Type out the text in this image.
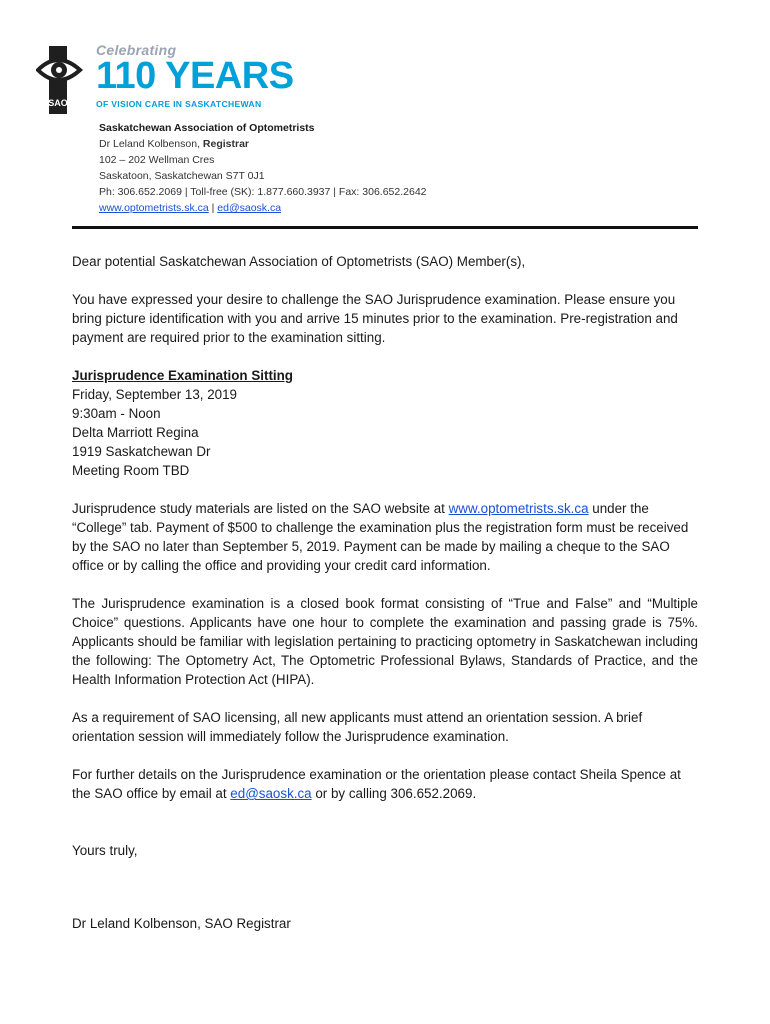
SAO
Celebrating
110 YEARS
OF VISION CARE IN SASKATCHEWAN
Saskatchewan Association of Optometrists
Dr Leland Kolbenson, Registrar
102 – 202 Wellman Cres
Saskatoon, Saskatchewan S7T 0J1
Ph: 306.652.2069 | Toll-free (SK): 1.877.660.3937 | Fax: 306.652.2642
www.optometrists.sk.ca | ed@saosk.ca

Dear potential Saskatchewan Association of Optometrists (SAO) Member(s),

You have expressed your desire to challenge the SAO Jurisprudence examination. Please ensure you bring picture identification with you and arrive 15 minutes prior to the examination. Pre-registration and payment are required prior to the examination sitting.

Jurisprudence Examination Sitting
Friday, September 13, 2019
9:30am - Noon
Delta Marriott Regina
1919 Saskatchewan Dr
Meeting Room TBD

Jurisprudence study materials are listed on the SAO website at www.optometrists.sk.ca under the “College” tab. Payment of $500 to challenge the examination plus the registration form must be received by the SAO no later than September 5, 2019. Payment can be made by mailing a cheque to the SAO office or by calling the office and providing your credit card information.

The Jurisprudence examination is a closed book format consisting of “True and False” and “Multiple Choice” questions. Applicants have one hour to complete the examination and passing grade is 75%. Applicants should be familiar with legislation pertaining to practicing optometry in Saskatchewan including the following: The Optometry Act, The Optometric Professional Bylaws, Standards of Practice, and the Health Information Protection Act (HIPA).

As a requirement of SAO licensing, all new applicants must attend an orientation session. A brief orientation session will immediately follow the Jurisprudence examination.

For further details on the Jurisprudence examination or the orientation please contact Sheila Spence at the SAO office by email at ed@saosk.ca or by calling 306.652.2069.

Yours truly,
Dr Leland Kolbenson, SAO Registrar
